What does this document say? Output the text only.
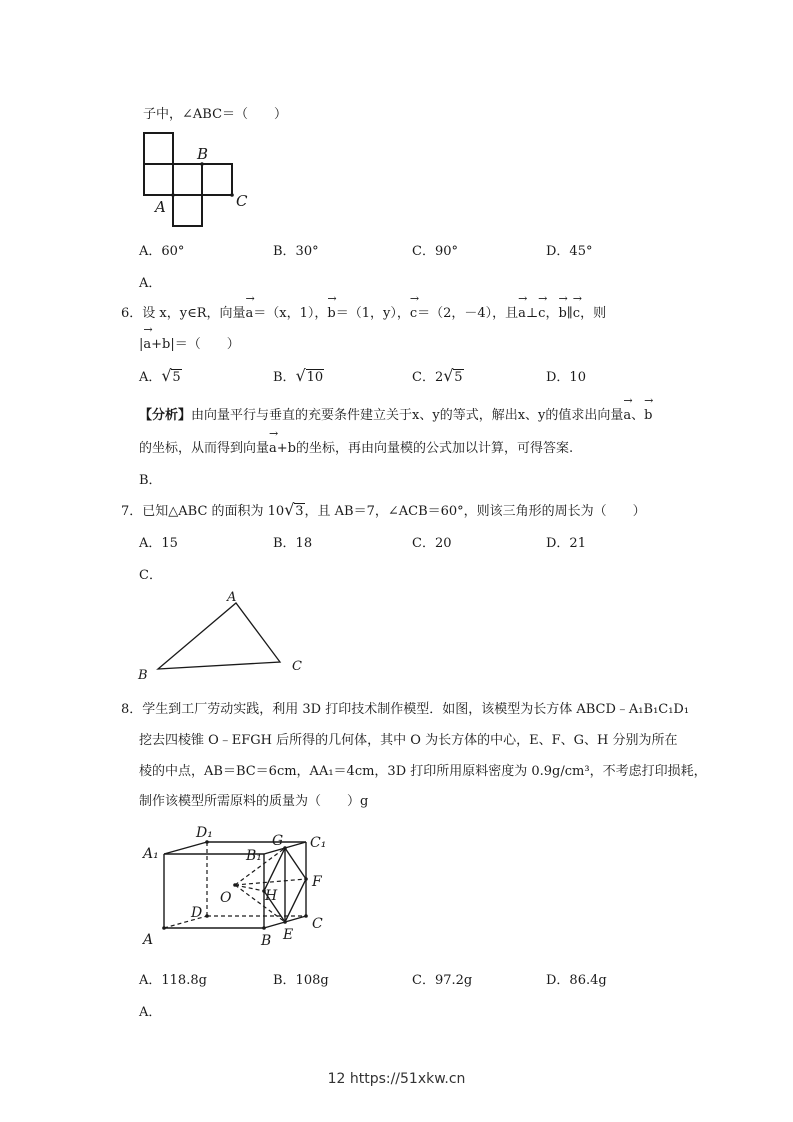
子中，∠ABC＝（　　）
B
A	C
A．60°	B．30°	C．90°	D．45°
A．
6．设 x，y∈R，向量→ a＝（x，1），→ b＝（1，y），→ c＝（2，－4），且→ a⊥→ c，→ b∥→ c，则
|→ a+b|＝（　　）
A． √ 5	B． √ 10	C．2 √ 5	D．10
【分析】由向量平行与垂直的充要条件建立关于x、y的等式，解出x、y的值求出向量→ a、→ b
的坐标，从而得到向量→ a+b的坐标，再由向量模的公式加以计算，可得答案.
B．
7．已知△ABC 的面积为 10 √ 3，且 AB＝7，∠ACB＝60°，则该三角形的周长为（　　）
A．15	B．18	C．20	D．21
C．
A
B
C
8．学生到工厂劳动实践，利用 3D 打印技术制作模型．如图，该模型为长方体 ABCD﹣A₁B₁C₁D₁
挖去四棱锥 O﹣EFGH 后所得的几何体，其中 O 为长方体的中心，E、F、G、H 分别为所在
棱的中点，AB＝BC＝6cm，AA₁＝4cm，3D 打印所用原料密度为 0.9g/cm³，不考虑打印损耗，
制作该模型所需原料的质量为（　　）g
A₁
D₁
B₁
G C₁
F
O H
D
C
A	B E
A．118.8g	B．108g	C．97.2g	D．86.4g
A．
12 https://51xkw.cn
